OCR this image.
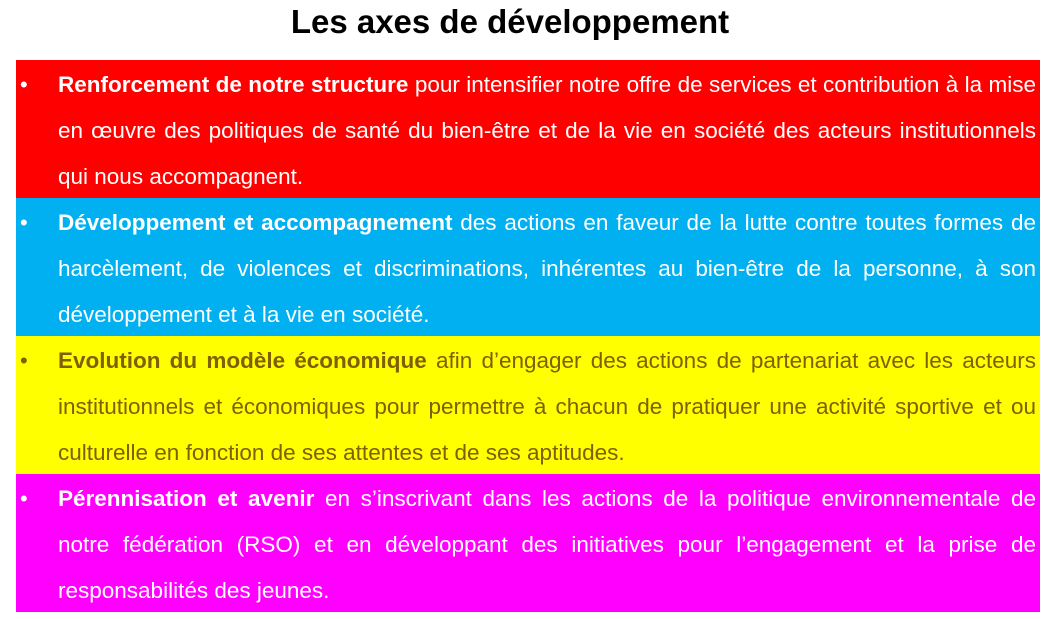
Les axes de développement
• Renforcement de notre structure pour intensifier notre offre de services et contribution à la mise en œuvre des politiques de santé du bien-être et de la vie en société des acteurs institutionnels qui nous accompagnent.
• Développement et accompagnement des actions en faveur de la lutte contre toutes formes de harcèlement, de violences et discriminations, inhérentes au bien-être de la personne, à son développement et à la vie en société.
• Evolution du modèle économique afin d’engager des actions de partenariat avec les acteurs institutionnels et économiques pour permettre à chacun de pratiquer une activité sportive et ou culturelle en fonction de ses attentes et de ses aptitudes.
• Pérennisation et avenir en s’inscrivant dans les actions de la politique environnementale de notre fédération (RSO) et en développant des initiatives pour l’engagement et la prise de responsabilités des jeunes.
